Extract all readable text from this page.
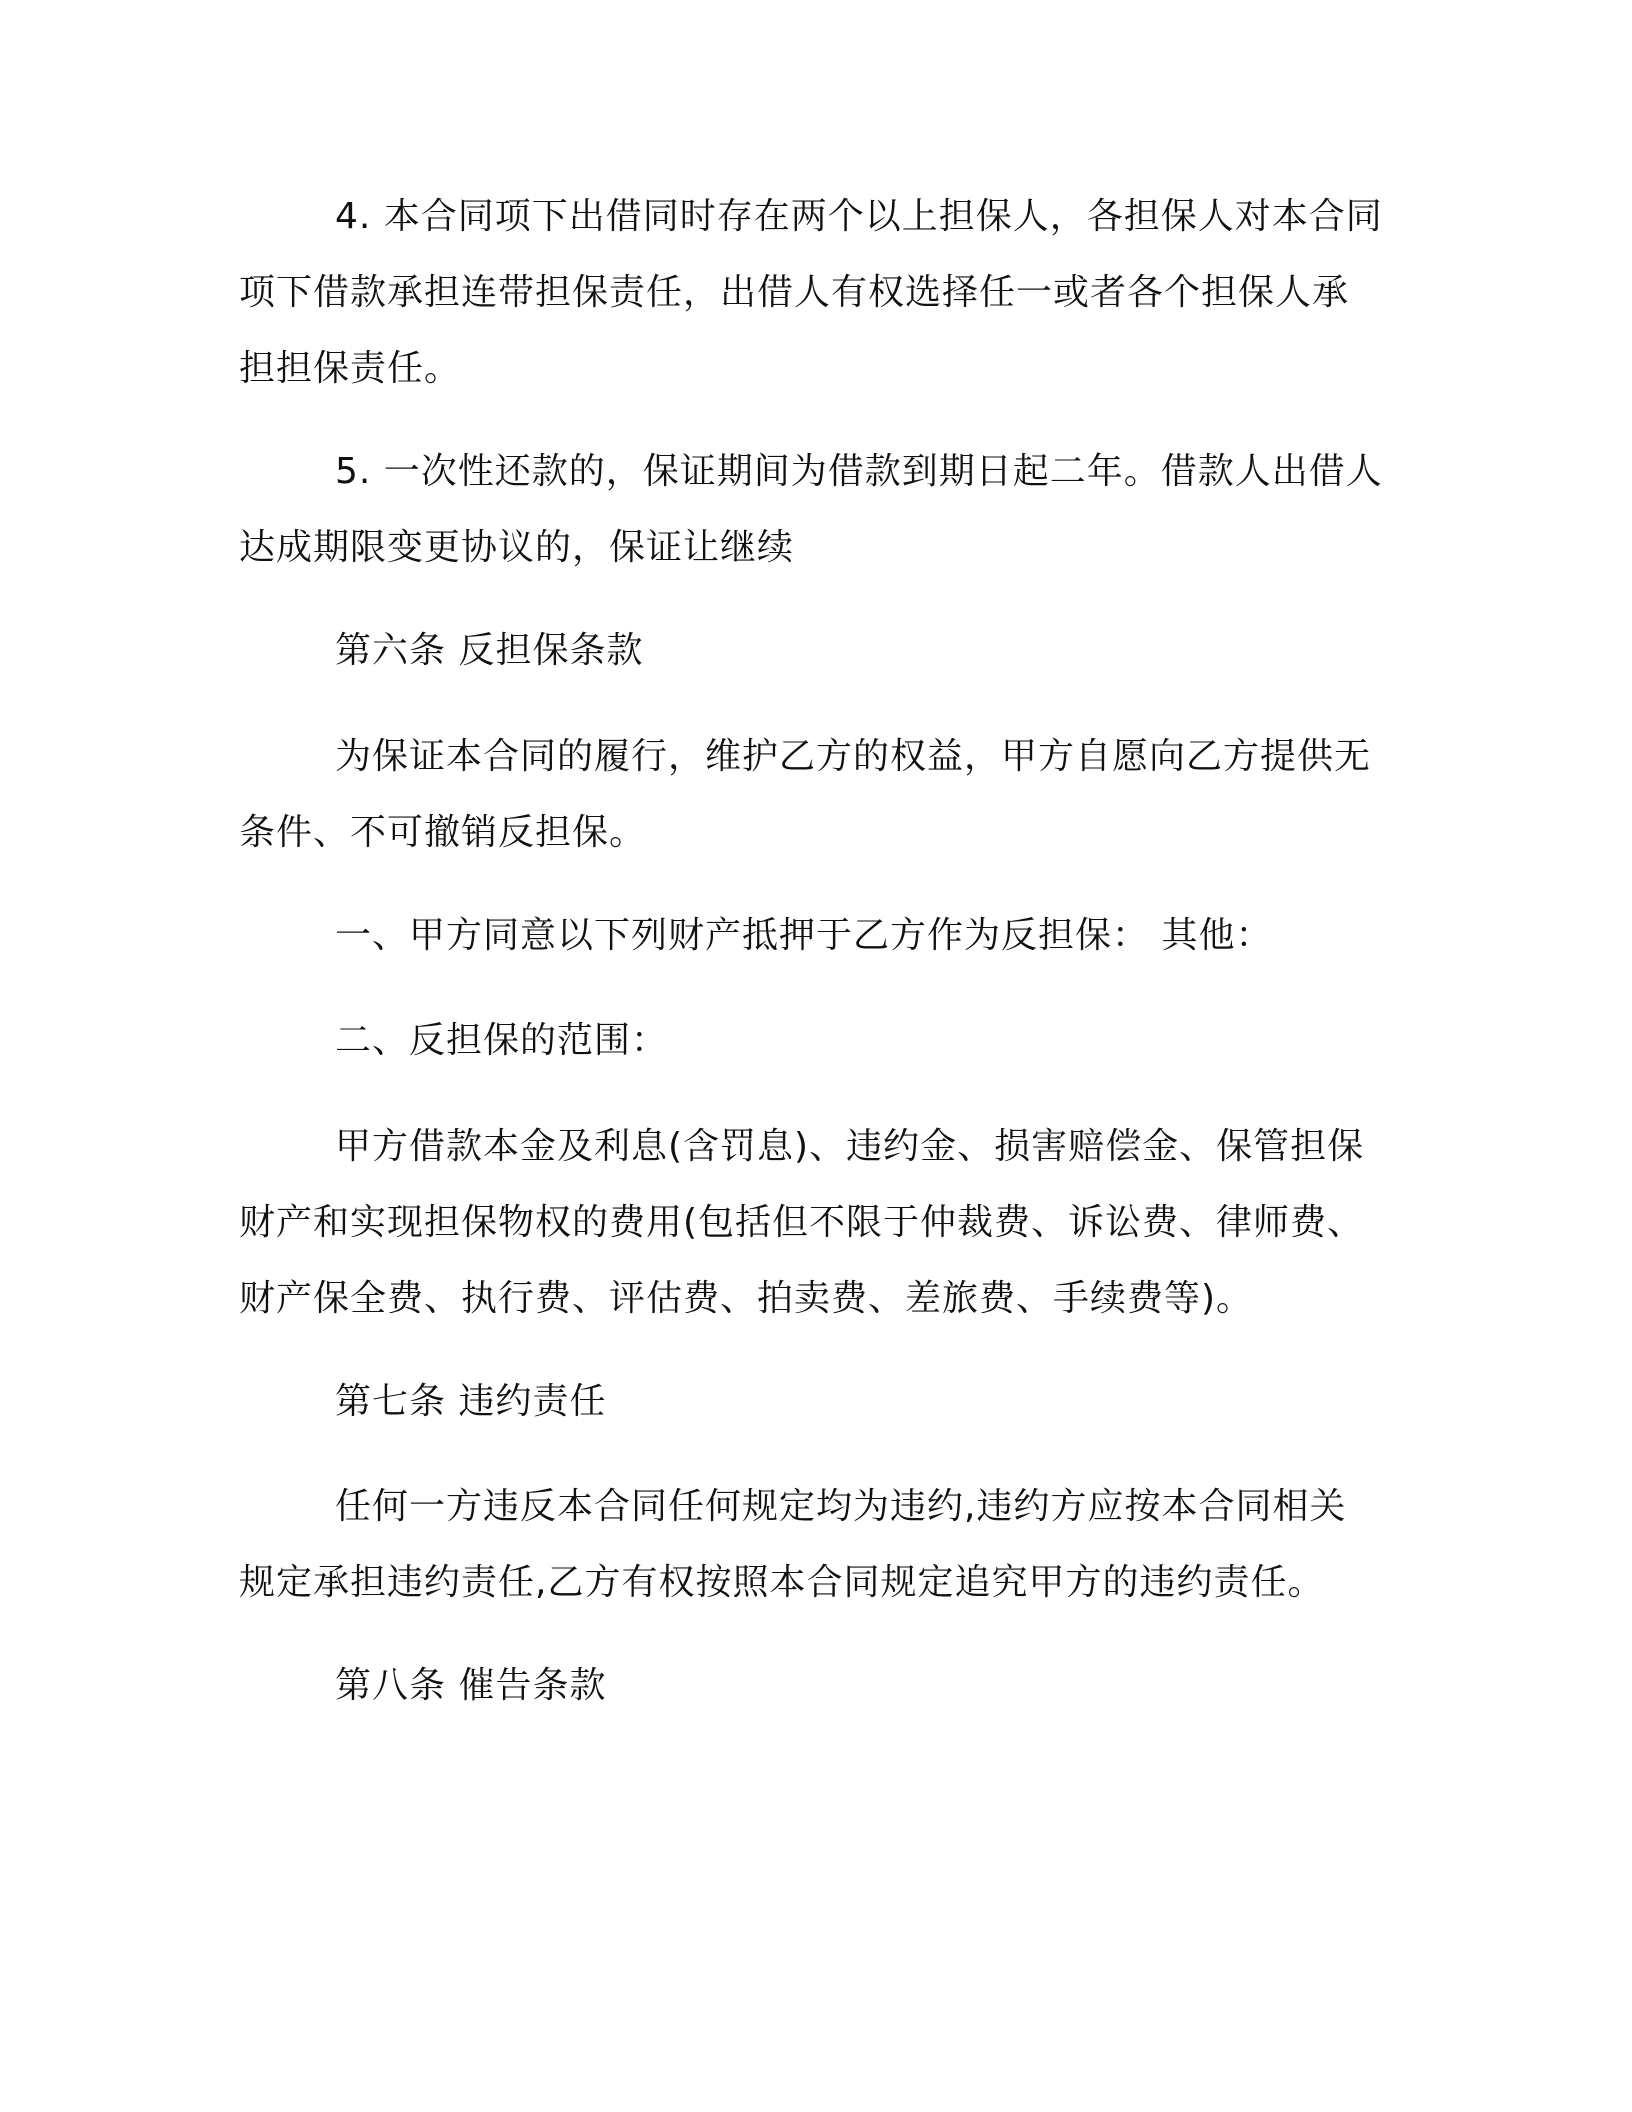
4. 本合同项下出借同时存在两个以上担保人，各担保人对本合同
项下借款承担连带担保责任，出借人有权选择任一或者各个担保人承
担担保责任。

5. 一次性还款的，保证期间为借款到期日起二年。借款人出借人
达成期限变更协议的，保证让继续

第六条 反担保条款

为保证本合同的履行，维护乙方的权益，甲方自愿向乙方提供无
条件、不可撤销反担保。

一、甲方同意以下列财产抵押于乙方作为反担保： 其他：

二、反担保的范围：

甲方借款本金及利息(含罚息)、违约金、损害赔偿金、保管担保
财产和实现担保物权的费用(包括但不限于仲裁费、诉讼费、律师费、
财产保全费、执行费、评估费、拍卖费、差旅费、手续费等)。

第七条 违约责任

任何一方违反本合同任何规定均为违约,违约方应按本合同相关
规定承担违约责任,乙方有权按照本合同规定追究甲方的违约责任。

第八条 催告条款
